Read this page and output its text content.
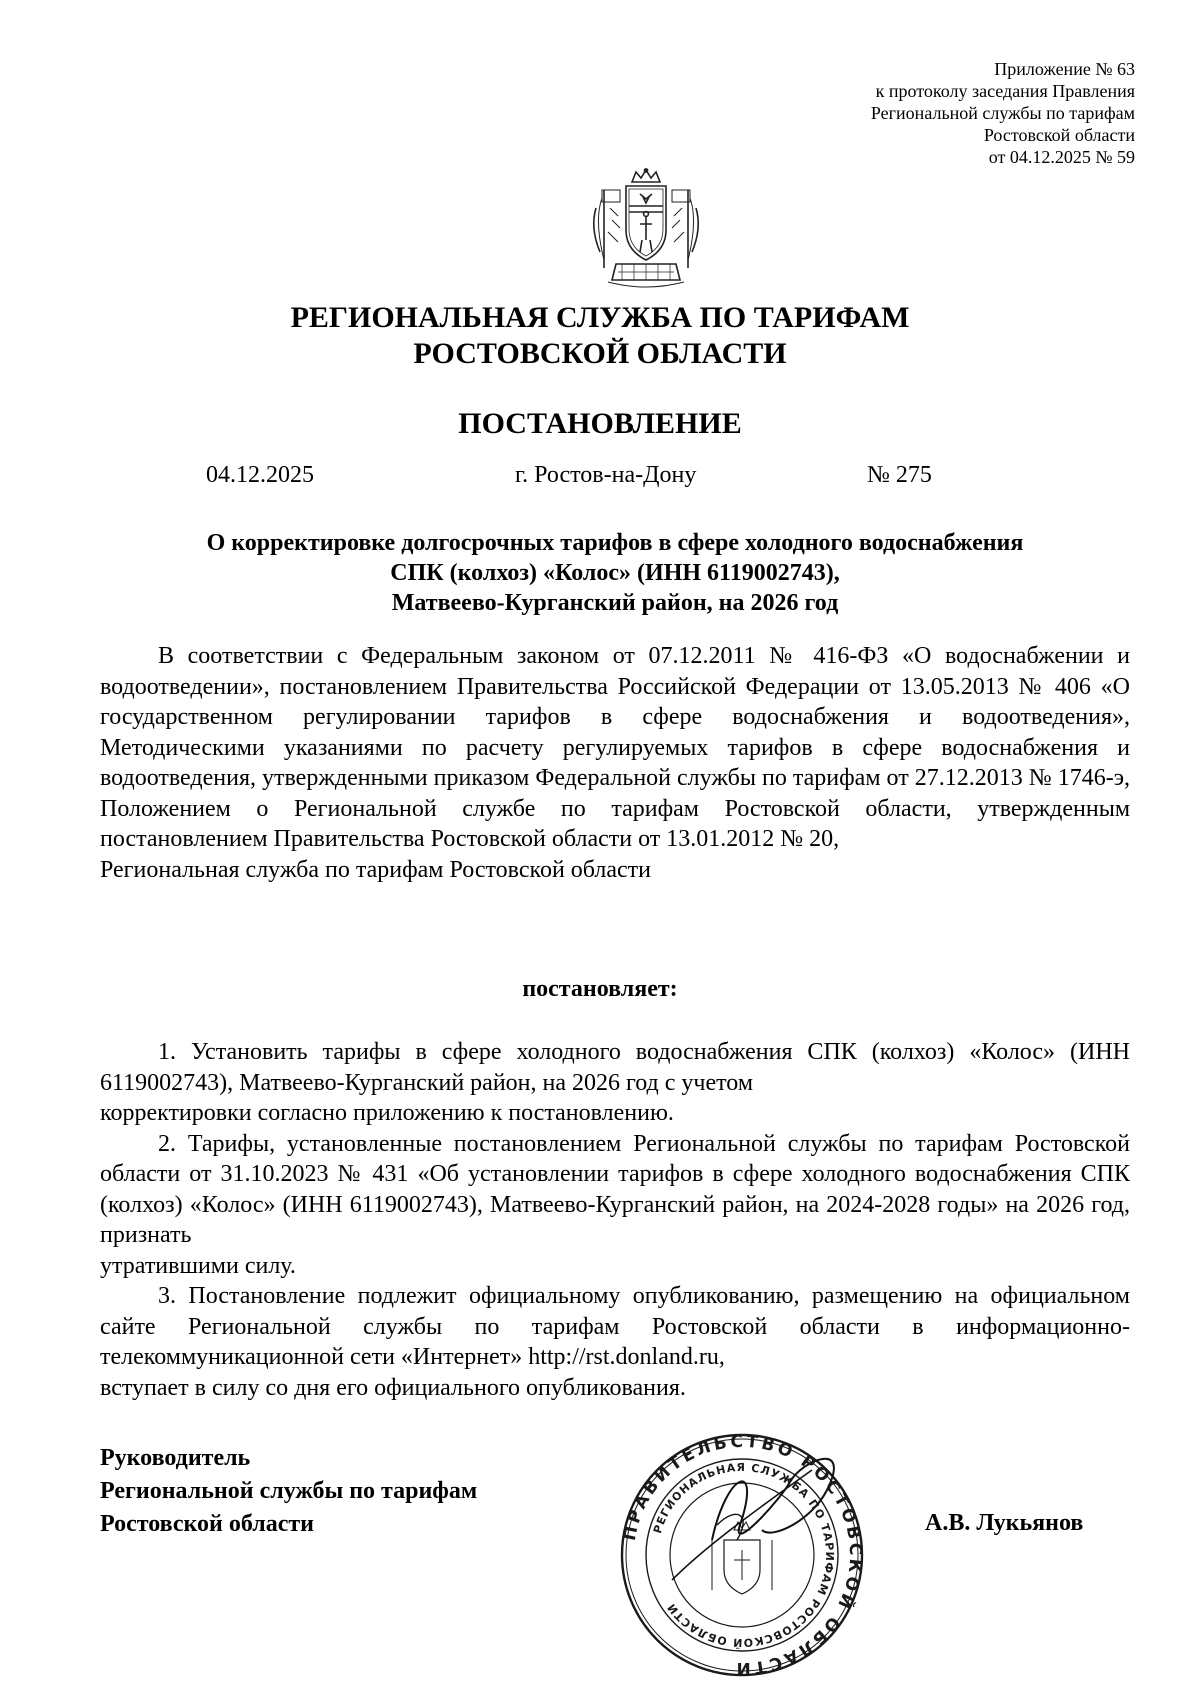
Приложение № 63
к протоколу заседания Правления
Региональной службы по тарифам
Ростовской области
от 04.12.2025 № 59
РЕГИОНАЛЬНАЯ СЛУЖБА ПО ТАРИФАМ
РОСТОВСКОЙ ОБЛАСТИ
ПОСТАНОВЛЕНИЕ
04.12.2025	г. Ростов-на-Дону	№ 275
О корректировке долгосрочных тарифов в сфере холодного водоснабжения
СПК (колхоз) «Колос» (ИНН 6119002743),
Матвеево-Курганский район, на 2026 год

В соответствии с Федеральным законом от 07.12.2011 № 416-ФЗ «О водоснабжении и водоотведении», постановлением Правительства Российской Федерации от 13.05.2013 № 406 «О государственном регулировании тарифов в сфере водоснабжения и водоотведения», Методическими указаниями по расчету регулируемых тарифов в сфере водоснабжения и водоотведения, утвержденными приказом Федеральной службы по тарифам от 27.12.2013 № 1746-э, Положением о Региональной службе по тарифам Ростовской области, утвержденным постановлением Правительства Ростовской области от 13.01.2012 № 20,

Региональная служба по тарифам Ростовской области

постановляет:

1. Установить тарифы в сфере холодного водоснабжения СПК (колхоз) «Колос» (ИНН 6119002743), Матвеево-Курганский район, на 2026 год с учетом

корректировки согласно приложению к постановлению.

2. Тарифы, установленные постановлением Региональной службы по тарифам Ростовской области от 31.10.2023 № 431 «Об установлении тарифов в сфере холодного водоснабжения СПК (колхоз) «Колос» (ИНН 6119002743), Матвеево-Курганский район, на 2024-2028 годы» на 2026 год, признать

утратившими силу.

3. Постановление подлежит официальному опубликованию, размещению на официальном сайте Региональной службы по тарифам Ростовской области в информационно-телекоммуникационной сети «Интернет» http://rst.donland.ru,

вступает в силу со дня его официального опубликования.

Руководитель
Региональной службы по тарифам
Ростовской области	ПРАВИТЕЛЬСТВО РОСТОВСКОЙ ОБЛАСТИ
РЕГИОНАЛЬНАЯ СЛУЖБА ПО ТАРИФАМ РОСТОВСКОЙ ОБЛАСТИ
А.В. Лукьянов
